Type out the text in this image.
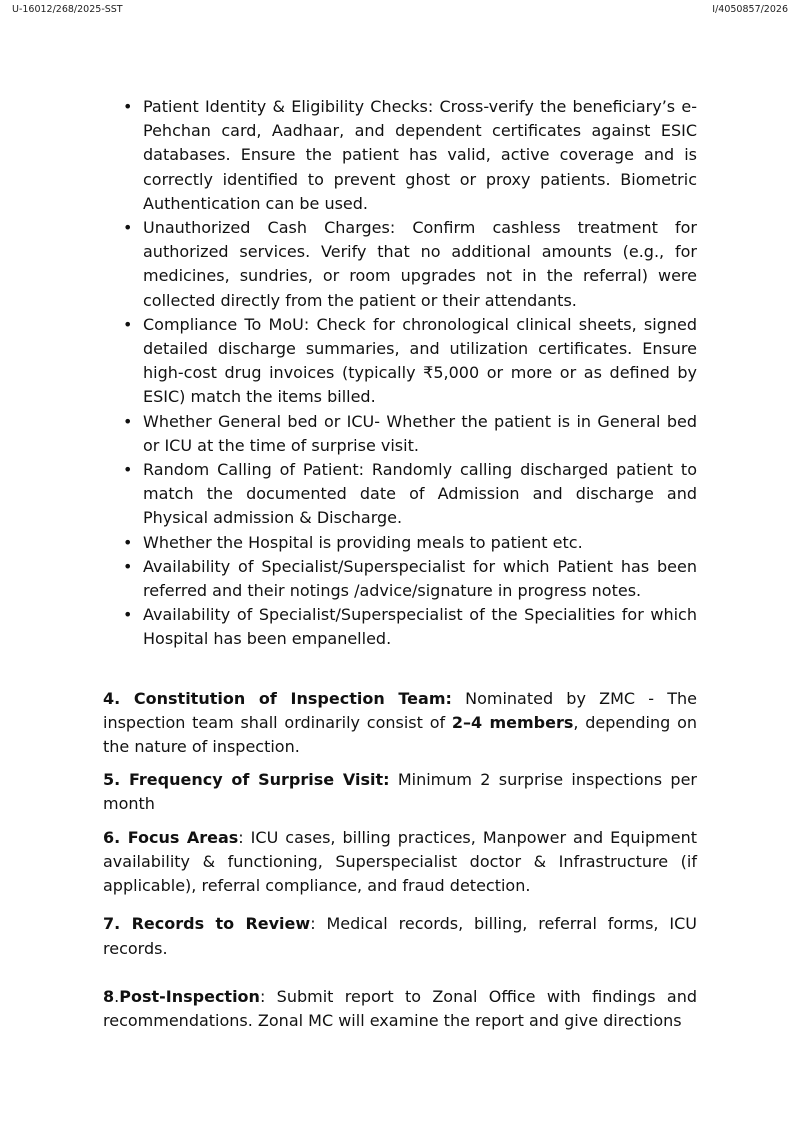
U-16012/268/2025-SST	I/4050857/2026
• Patient Identity & Eligibility Checks: Cross-verify the beneficiary’s e-Pehchan card, Aadhaar, and dependent certificates against ESIC databases. Ensure the patient has valid, active coverage and is correctly identified to prevent ghost or proxy patients. Biometric Authentication can be used.
• Unauthorized Cash Charges: Confirm cashless treatment for authorized services. Verify that no additional amounts (e.g., for medicines, sundries, or room upgrades not in the referral) were collected directly from the patient or their attendants.
• Compliance To MoU: Check for chronological clinical sheets, signed detailed discharge summaries, and utilization certificates. Ensure high-cost drug invoices (typically ₹5,000 or more or as defined by ESIC) match the items billed.
• Whether General bed or ICU- Whether the patient is in General bed or ICU at the time of surprise visit.
• Random Calling of Patient: Randomly calling discharged patient to match the documented date of Admission and discharge and Physical admission & Discharge.
• Whether the Hospital is providing meals to patient etc.
• Availability of Specialist/Superspecialist for which Patient has been referred and their notings /advice/signature in progress notes.
• Availability of Specialist/Superspecialist of the Specialities for which Hospital has been empanelled.

4. Constitution of Inspection Team: Nominated by ZMC - The inspection team shall ordinarily consist of 2–4 members, depending on the nature of inspection.

5. Frequency of Surprise Visit: Minimum 2 surprise inspections per month

6. Focus Areas: ICU cases, billing practices, Manpower and Equipment availability & functioning, Superspecialist doctor & Infrastructure (if applicable), referral compliance, and fraud detection.

7. Records to Review: Medical records, billing, referral forms, ICU records.

8.Post-Inspection: Submit report to Zonal Office with findings and recommendations. Zonal MC will examine the report and give directions
